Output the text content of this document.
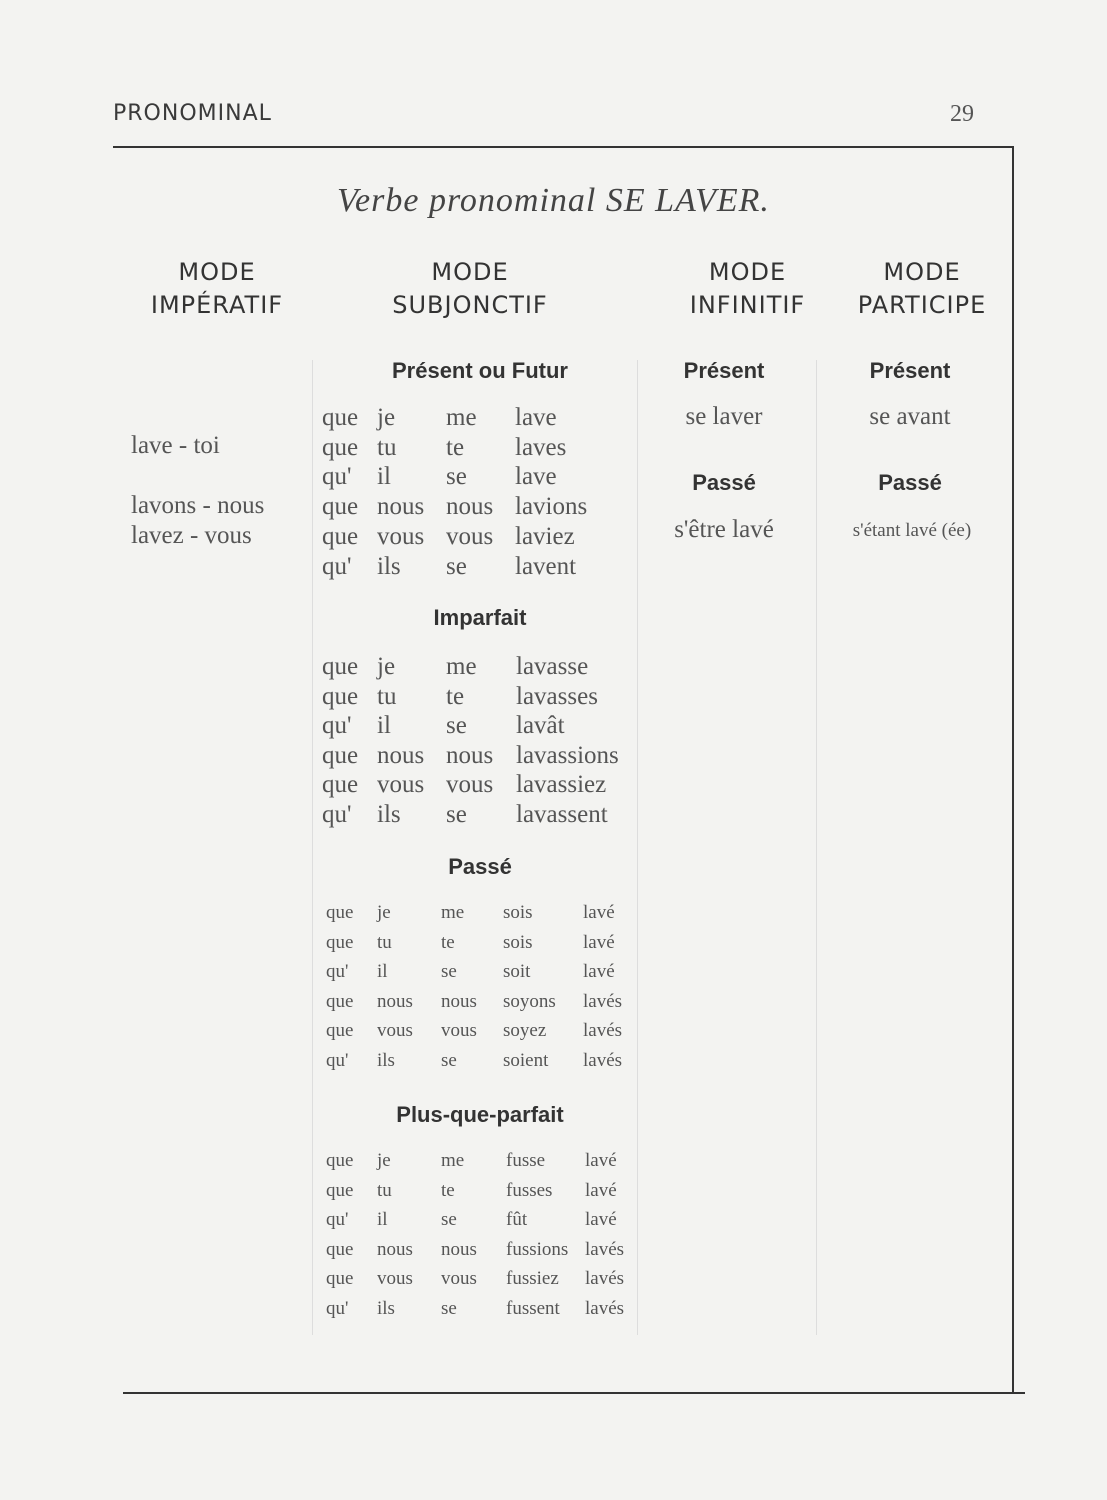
PRONOMINAL	29
Verbe pronominal SE LAVER.
MODE
IMPÉRATIF
MODE
SUBJONCTIF
MODE
INFINITIF
MODE
PARTICIPE
lave - toi
lavons - nous
lavez - vous
Présent ou Futur
Imparfait
Passé
Plus-que-parfait
que je me lave
que tu te laves
qu' il se lave
que nous nous lavions
que vous vous laviez
qu' ils se lavent
que je me lavasse
que tu te lavasses
qu' il se lavât
que nous nous lavassions
que vous vous lavassiez
qu' ils se lavassent
que je	me sois	lavé
que tu	te	sois	lavé
qu' il	se soit	lavé
que nous nous soyons lavés
que vous vous soyez lavés
qu' ils se soient lavés
que je	me fusse lavé
que tu	te	fusses lavé
qu' il	se	fût	lavé
que nous nous fussions lavés
que vous vous fussiez lavés
qu' ils se	fussent lavés
Présent
se laver
Passé
s'être lavé
Présent
se avant
Passé
s'étant lavé (ée)
